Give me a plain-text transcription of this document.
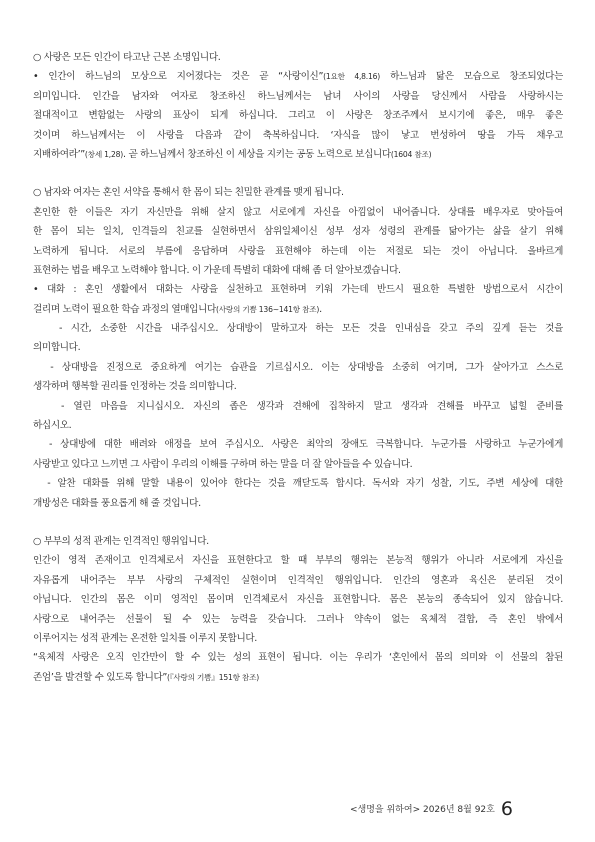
○ 사랑은 모든 인간이 타고난 근본 소명입니다.
• 인간이 하느님의 모상으로 지어졌다는 것은 곧 “사랑이신”(1요한 4,8.16) 하느님과 닮은 모습으로 창조되었다는
의미입니다. 인간을 남자와 여자로 창조하신 하느님께서는 남녀 사이의 사랑을 당신께서 사람을 사랑하시는
절대적이고 변함없는 사랑의 표상이 되게 하십니다. 그리고 이 사랑은 창조주께서 보시기에 좋은, 매우 좋은
것이며 하느님께서는 이 사랑을 다음과 같이 축복하십니다. ‘자식을 많이 낳고 번성하여 땅을 가득 채우고
지배하여라’”(창세 1,28). 곧 하느님께서 창조하신 이 세상을 지키는 공동 노력으로 보십니다(1604 참조)
○ 남자와 여자는 혼인 서약을 통해서 한 몸이 되는 친밀한 관계를 맺게 됩니다.
혼인한 한 이들은 자기 자신만을 위해 살지 않고 서로에게 자신을 아낌없이 내어줍니다. 상대를 배우자로 맞아들여
한 몸이 되는 일치, 인격들의 친교를 실현하면서 삼위일체이신 성부 성자 성령의 관계를 닮아가는 삶을 살기 위해
노력하게 됩니다. 서로의 부름에 응답하며 사랑을 표현해야 하는데 이는 저절로 되는 것이 아닙니다. 올바르게
표현하는 법을 배우고 노력해야 합니다. 이 가운데 특별히 대화에 대해 좀 더 알아보겠습니다.
• 대화 : 혼인 생활에서 대화는 사랑을 실천하고 표현하며 키워 가는데 반드시 필요한 특별한 방법으로서 시간이
걸리며 노력이 필요한 학습 과정의 열매입니다(사랑의 기쁨 136~141항 참조).
- 시간, 소중한 시간을 내주십시오. 상대방이 말하고자 하는 모든 것을 인내심을 갖고 주의 깊게 듣는 것을
의미합니다.
- 상대방을 진정으로 중요하게 여기는 습관을 기르십시오. 이는 상대방을 소중히 여기며, 그가 살아가고 스스로
생각하며 행복할 권리를 인정하는 것을 의미합니다.
- 열린 마음을 지니십시오. 자신의 좁은 생각과 견해에 집착하지 말고 생각과 견해를 바꾸고 넓힐 준비를
하십시오.
- 상대방에 대한 배려와 애정을 보여 주십시오. 사랑은 최악의 장애도 극복합니다. 누군가를 사랑하고 누군가에게
사랑받고 있다고 느끼면 그 사람이 우리의 이해를 구하며 하는 말을 더 잘 알아들을 수 있습니다.
- 알찬 대화를 위해 말할 내용이 있어야 한다는 것을 깨닫도록 합시다. 독서와 자기 성찰, 기도, 주변 세상에 대한
개방성은 대화를 풍요롭게 해 줄 것입니다.
○ 부부의 성적 관계는 인격적인 행위입니다.
인간이 영적 존재이고 인격체로서 자신을 표현한다고 할 때 부부의 행위는 본능적 행위가 아니라 서로에게 자신을
자유롭게 내어주는 부부 사랑의 구체적인 실현이며 인격적인 행위입니다. 인간의 영혼과 육신은 분리된 것이
아닙니다. 인간의 몸은 이미 영적인 몸이며 인격체로서 자신을 표현합니다. 몸은 본능의 종속되어 있지 않습니다.
사랑으로 내어주는 선물이 될 수 있는 능력을 갖습니다. 그러나 약속이 없는 육체적 결합, 즉 혼인 밖에서
이루어지는 성적 관계는 온전한 일치를 이루지 못합니다.
“육체적 사랑은 오직 인간만이 할 수 있는 성의 표현이 됩니다. 이는 우리가 ‘혼인에서 몸의 의미와 이 선물의 참된
존엄’을 발견할 수 있도록 합니다”(『사랑의 기쁨』151항 참조)
<생명을 위하여> 2026년 8월 92호 6
